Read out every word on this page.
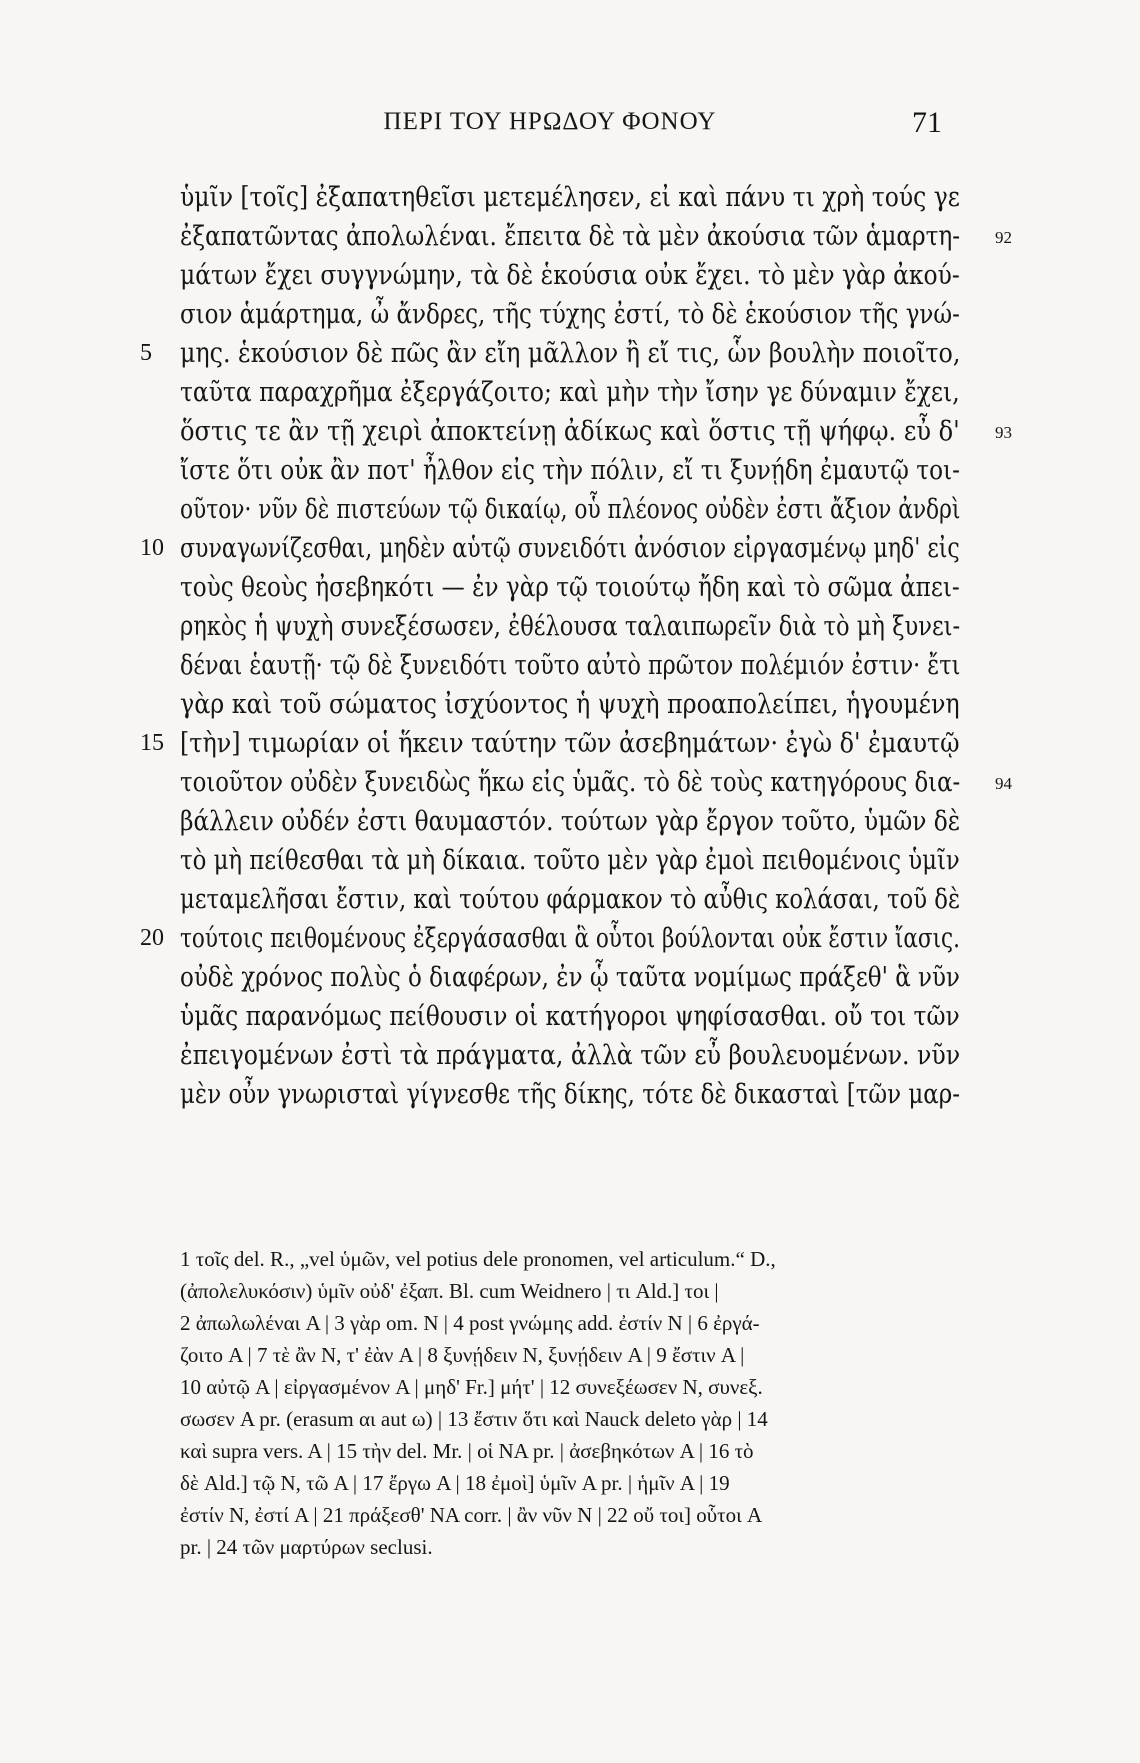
ΠΕΡΙ ΤΟΥ ΗΡΩΔΟΥ ΦΟΝΟΥ	71
ὑμῖν [τοῖς] ἐξαπατηθεῖσι μετεμέλησεν, εἰ καὶ πάνυ τι χρὴ τούς γε
ἐξαπατῶντας ἀπολωλέναι. ἔπειτα δὲ τὰ μὲν ἀκούσια τῶν ἁμαρτη- 92
μάτων ἔχει συγγνώμην, τὰ δὲ ἑκούσια οὐκ ἔχει. τὸ μὲν γὰρ ἀκού-
σιον ἁμάρτημα, ὦ ἄνδρες, τῆς τύχης ἐστί, τὸ δὲ ἑκούσιον τῆς γνώ-
5	μης. ἑκούσιον δὲ πῶς ἂν εἴη μᾶλλον ἢ εἴ τις, ὧν βουλὴν ποιοῖτο,
ταῦτα παραχρῆμα ἐξεργάζοιτο; καὶ μὴν τὴν ἴσην γε δύναμιν ἔχει,
ὅστις τε ἂν τῇ χειρὶ ἀποκτείνῃ ἀδίκως καὶ ὅστις τῇ ψήφῳ. εὖ δ' 93
ἴστε ὅτι οὐκ ἂν ποτ' ἦλθον εἰς τὴν πόλιν, εἴ τι ξυνῄδη ἐμαυτῷ τοι-
οῦτον· νῦν δὲ πιστεύων τῷ δικαίῳ, οὗ πλέονος οὐδὲν ἐστι ἄξιον ἀνδρὶ
10 συναγωνίζεσθαι, μηδὲν αὑτῷ συνειδότι ἀνόσιον εἰργασμένῳ μηδ' εἰς
τοὺς θεοὺς ἠσεβηκότι — ἐν γὰρ τῷ τοιούτῳ ἤδη καὶ τὸ σῶμα ἀπει-
ρηκὸς ἡ ψυχὴ συνεξέσωσεν, ἐθέλουσα ταλαιπωρεῖν διὰ τὸ μὴ ξυνει-
δέναι ἑαυτῇ· τῷ δὲ ξυνειδότι τοῦτο αὐτὸ πρῶτον πολέμιόν ἐστιν· ἔτι
γὰρ καὶ τοῦ σώματος ἰσχύοντος ἡ ψυχὴ προαπολείπει, ἡγουμένη
15 [τὴν] τιμωρίαν οἱ ἥκειν ταύτην τῶν ἀσεβημάτων· ἐγὼ δ' ἐμαυτῷ
τοιοῦτον οὐδὲν ξυνειδὼς ἥκω εἰς ὑμᾶς. τὸ δὲ τοὺς κατηγόρους δια- 94
βάλλειν οὐδέν ἐστι θαυμαστόν. τούτων γὰρ ἔργον τοῦτο, ὑμῶν δὲ
τὸ μὴ πείθεσθαι τὰ μὴ δίκαια. τοῦτο μὲν γὰρ ἐμοὶ πειθομένοις ὑμῖν
μεταμελῆσαι ἔστιν, καὶ τούτου φάρμακον τὸ αὖθις κολάσαι, τοῦ δὲ
20 τούτοις πειθομένους ἐξεργάσασθαι ἃ οὗτοι βούλονται οὐκ ἔστιν ἴασις.
οὐδὲ χρόνος πολὺς ὁ διαφέρων, ἐν ᾧ ταῦτα νομίμως πράξεθ' ἃ νῦν
ὑμᾶς παρανόμως πείθουσιν οἱ κατήγοροι ψηφίσασθαι. οὔ τοι τῶν
ἐπειγομένων ἐστὶ τὰ πράγματα, ἀλλὰ τῶν εὖ βουλευομένων. νῦν
μὲν οὖν γνωρισταὶ γίγνεσθε τῆς δίκης, τότε δὲ δικασταὶ [τῶν μαρ-
1 τοῖς del. R., „vel ὑμῶν, vel potius dele pronomen, vel articulum.“ D.,
(ἀπολελυκόσιν) ὑμῖν οὐδ' ἐξαπ. Bl. cum Weidnero | τι Ald.] τοι |
2 ἀπωλωλέναι A | 3 γὰρ om. N | 4 post γνώμης add. ἐστίν N | 6 ἐργά-
ζοιτο A | 7 τὲ ἂν N, τ' ἐὰν A | 8 ξυνῄδειν N, ξυνῄδειν A | 9 ἔστιν A |
10 αὐτῷ A | εἰργασμένον A | μηδ' Fr.] μήτ' | 12 συνεξέωσεν N, συνεξ.
σωσεν A pr. (erasum αι aut ω) | 13 ἔστιν ὅτι καὶ Nauck deleto γὰρ | 14
καὶ supra vers. A | 15 τὴν del. Mr. | οἱ NA pr. | ἀσεβηκότων A | 16 τὸ
δὲ Ald.] τῷ N, τῶ A | 17 ἔργω A | 18 ἐμοὶ] ὑμῖν A pr. | ἡμῖν A | 19
ἐστίν N, ἐστί A | 21 πράξεσθ' NA corr. | ἂν νῦν N | 22 οὔ τοι] οὗτοι A
pr. | 24 τῶν μαρτύρων seclusi.
